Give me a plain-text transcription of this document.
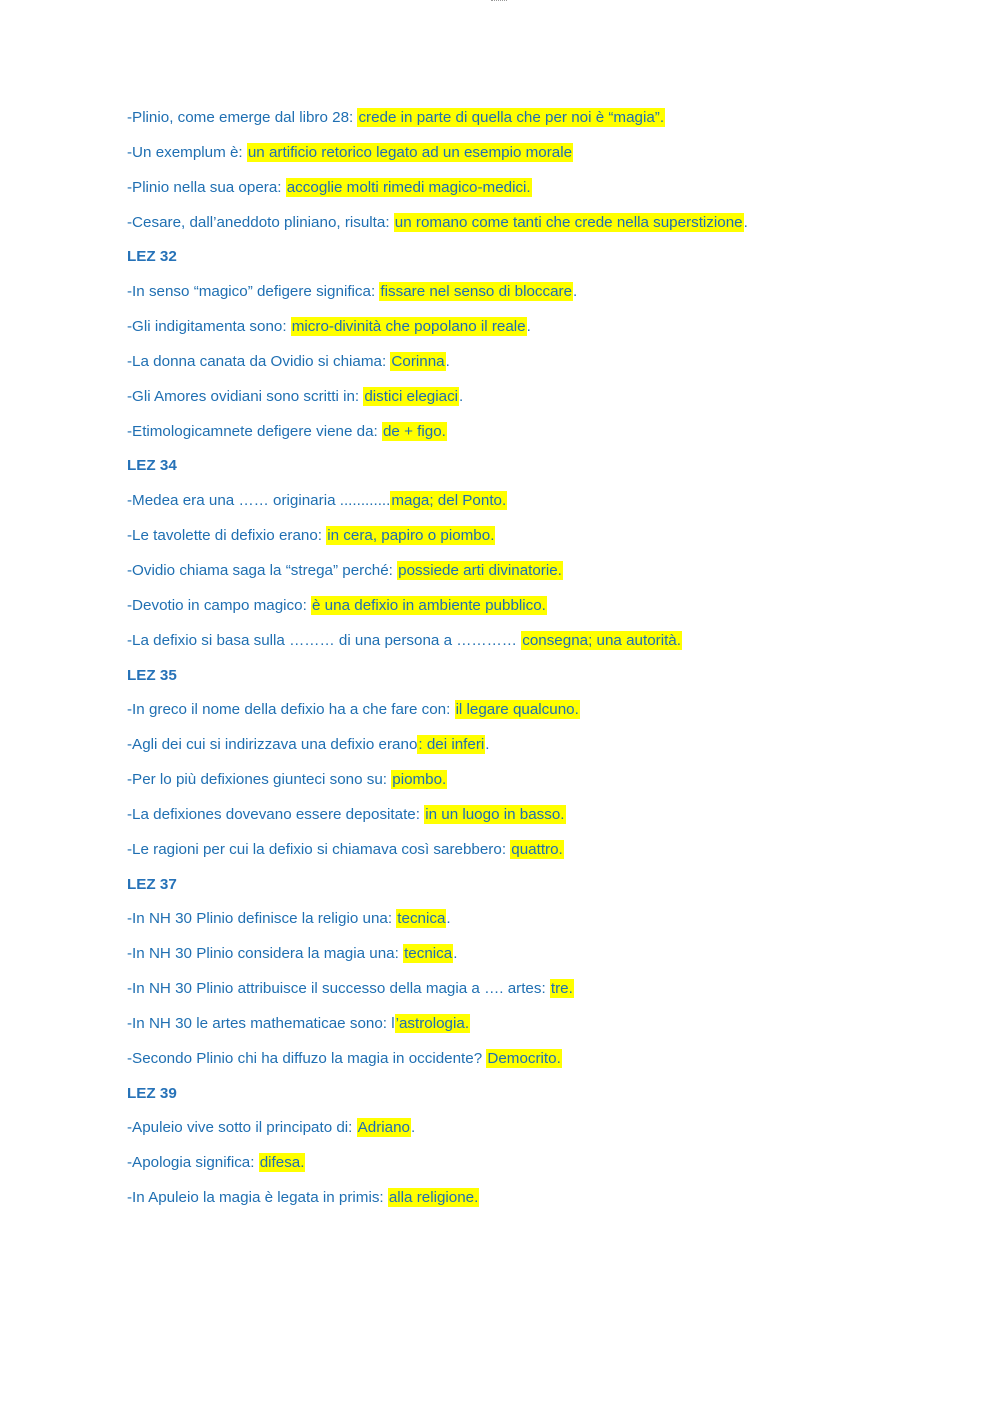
-Plinio, come emerge dal libro 28: crede in parte di quella che per noi è “magia”.
-Un exemplum è: un artificio retorico legato ad un esempio morale
-Plinio nella sua opera: accoglie molti rimedi magico-medici.
-Cesare, dall’aneddoto pliniano, risulta: un romano come tanti che crede nella superstizione.
LEZ 32
-In senso “magico” defigere significa: fissare nel senso di bloccare.
-Gli indigitamenta sono: micro-divinità che popolano il reale.
-La donna canata da Ovidio si chiama: Corinna.
-Gli Amores ovidiani sono scritti in: distici elegiaci.
-Etimologicamnete defigere viene da: de + figo.
LEZ 34
-Medea era una …… originaria ............maga; del Ponto.
-Le tavolette di defixio erano: in cera, papiro o piombo.
-Ovidio chiama saga la “strega” perché: possiede arti divinatorie.
-Devotio in campo magico: è una defixio in ambiente pubblico.
-La defixio si basa sulla ……… di una persona a ………… consegna; una autorità.
LEZ 35
-In greco il nome della defixio ha a che fare con: il legare qualcuno.
-Agli dei cui si indirizzava una defixio erano: dei inferi.
-Per lo più defixiones giunteci sono su: piombo.
-La defixiones dovevano essere depositate: in un luogo in basso.
-Le ragioni per cui la defixio si chiamava così sarebbero: quattro.
LEZ 37
-In NH 30 Plinio definisce la religio una: tecnica.
-In NH 30 Plinio considera la magia una: tecnica.
-In NH 30 Plinio attribuisce il successo della magia a …. artes: tre.
-In NH 30 le artes mathematicae sono: l’astrologia.
-Secondo Plinio chi ha diffuzo la magia in occidente? Democrito.
LEZ 39
-Apuleio vive sotto il principato di: Adriano.
-Apologia significa: difesa.
-In Apuleio la magia è legata in primis: alla religione.
